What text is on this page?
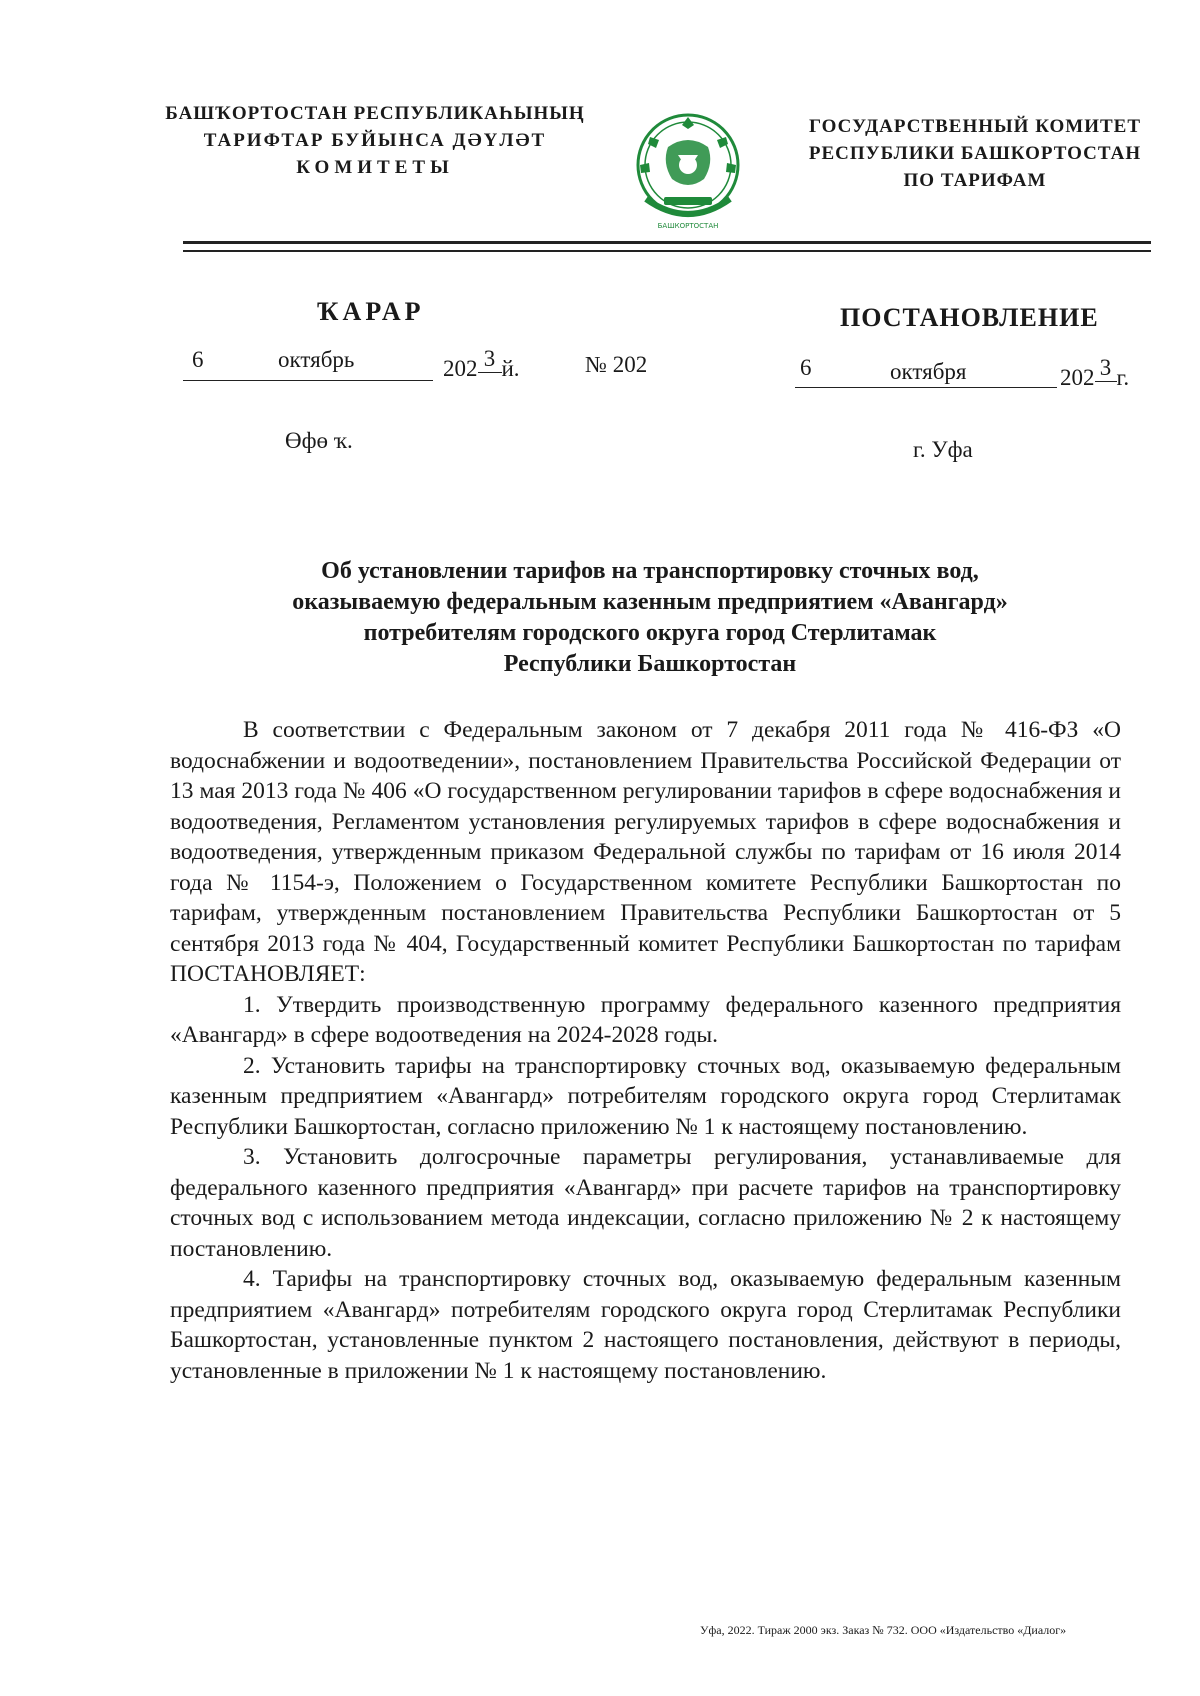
БАШҠОРТОСТАН РЕСПУБЛИКАҺЫНЫҢ
ТАРИФТАР БУЙЫНСА ДӘҮЛӘТ
КОМИТЕТЫ
БАШКОРТОСТАН
ГОСУДАРСТВЕННЫЙ КОМИТЕТ
РЕСПУБЛИКИ БАШКОРТОСТАН
ПО ТАРИФАМ
ҠАРАР	ПОСТАНОВЛЕНИЕ
6	октябрь	202 3 й.	№ 202	6	октября	202 3 г.
Өфө ҡ.	г. Уфа
Об установлении тарифов на транспортировку сточных вод,
оказываемую федеральным казенным предприятием «Авангард»
потребителям городского округа город Стерлитамак
Республики Башкортостан

В соответствии с Федеральным законом от 7 декабря 2011 года № 416-ФЗ «О водоснабжении и водоотведении», постановлением Правительства Российской Федерации от 13 мая 2013 года № 406 «О государственном регулировании тарифов в сфере водоснабжения и водоотведения, Регламентом установления регулируемых тарифов в сфере водоснабжения и водоотведения, утвержденным приказом Федеральной службы по тарифам от 16 июля 2014 года № 1154-э, Положением о Государственном комитете Республики Башкортостан по тарифам, утвержденным постановлением Правительства Республики Башкортостан от 5 сентября 2013 года № 404, Государственный комитет Республики Башкортостан по тарифам ПОСТАНОВЛЯЕТ:

1. Утвердить производственную программу федерального казенного предприятия «Авангард» в сфере водоотведения на 2024-2028 годы.

2. Установить тарифы на транспортировку сточных вод, оказываемую федеральным казенным предприятием «Авангард» потребителям городского округа город Стерлитамак Республики Башкортостан, согласно приложению № 1 к настоящему постановлению.

3. Установить долгосрочные параметры регулирования, устанавливаемые для федерального казенного предприятия «Авангард» при расчете тарифов на транспортировку сточных вод с использованием метода индексации, согласно приложению № 2 к настоящему постановлению.

4. Тарифы на транспортировку сточных вод, оказываемую федеральным казенным предприятием «Авангард» потребителям городского округа город Стерлитамак Республики Башкортостан, установленные пунктом 2 настоящего постановления, действуют в периоды, установленные в приложении № 1 к настоящему постановлению.

Уфа, 2022. Тираж 2000 экз. Заказ № 732. ООО «Издательство «Диалог»
